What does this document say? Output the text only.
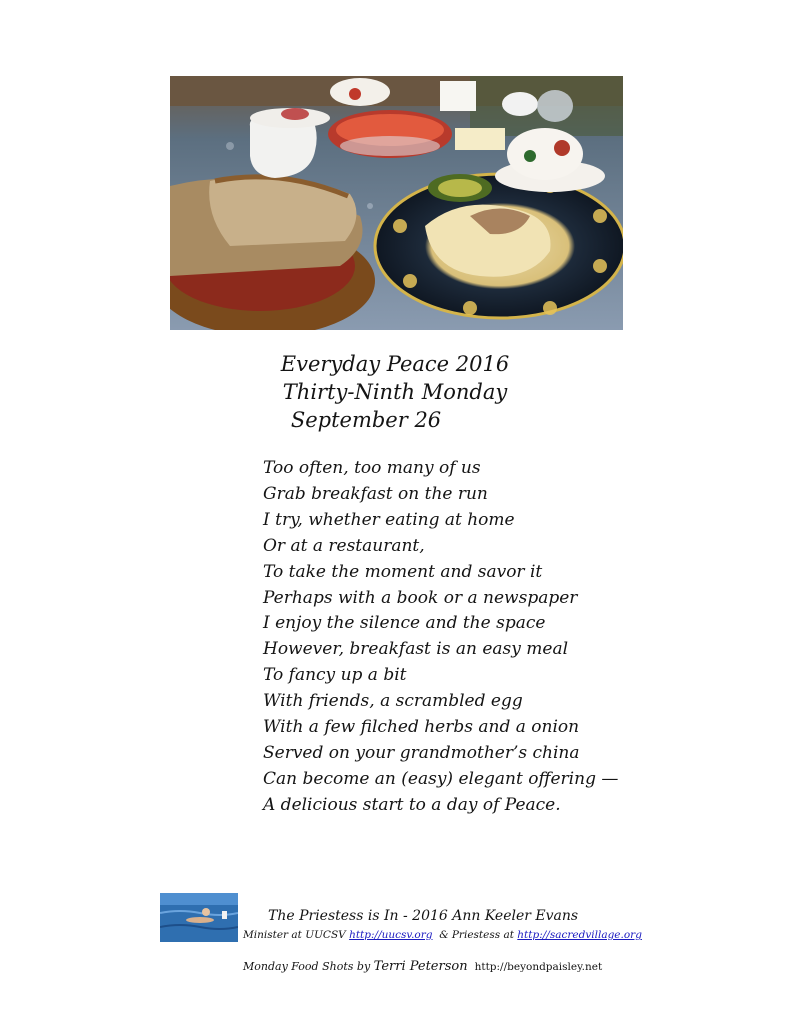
Everyday Peace 2016
Thirty-Ninth Monday
September 26
Too often, too many of us
Grab breakfast on the run
I try, whether eating at home
Or at a restaurant,
To take the moment and savor it
Perhaps with a book or a newspaper
I enjoy the silence and the space
However, breakfast is an easy meal
To fancy up a bit
With friends, a scrambled egg
With a few filched herbs and a onion
Served on your grandmother’s china
Can become an (easy) elegant offering —
A delicious start to a day of Peace.
The Priestess is In - 2016 Ann Keeler Evans
Minister at UUCSV http://uucsv.org & Priestess at http://sacredvillage.org
Monday Food Shots by Terri Peterson http://beyondpaisley.net
